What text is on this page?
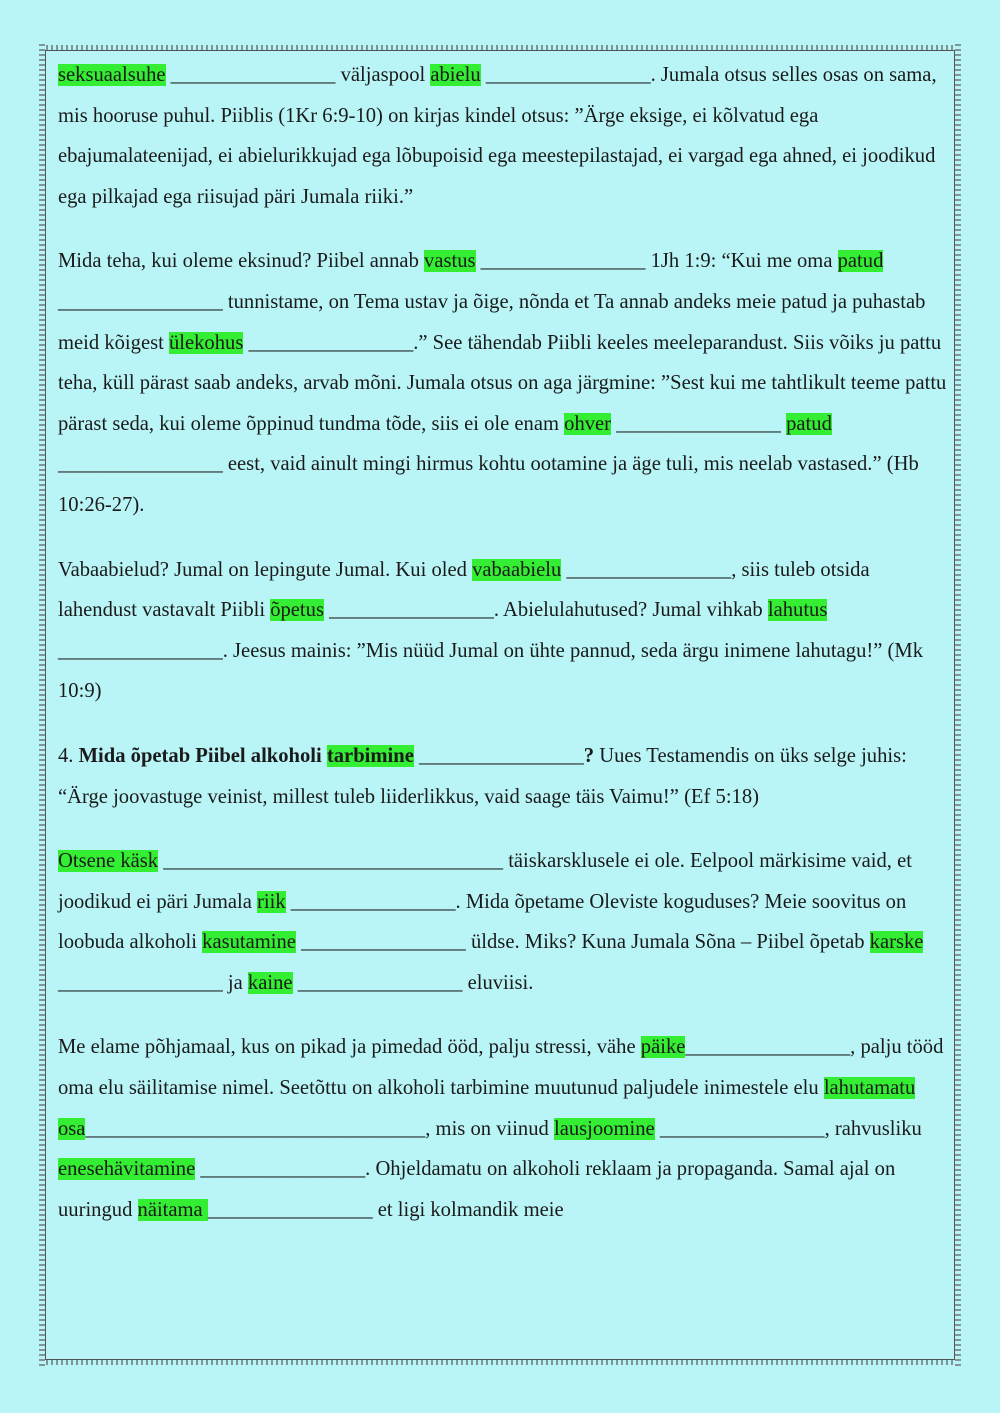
seksuaalsuhe ________________ väljaspool abielu ________________. Jumala otsus selles osas on sama, mis hooruse puhul. Piiblis (1Kr 6:9-10) on kirjas kindel otsus: ”Ärge eksige, ei kõlvatud ega ebajumalateenijad, ei abielurikkujad ega lõbupoisid ega meestepilastajad, ei vargad ega ahned, ei joodikud ega pilkajad ega riisujad päri Jumala riiki.”

Mida teha, kui oleme eksinud? Piibel annab vastus ________________ 1Jh 1:9: “Kui me oma patud ________________ tunnistame, on Tema ustav ja õige, nõnda et Ta annab andeks meie patud ja puhastab meid kõigest ülekohus ________________.” See tähendab Piibli keeles meeleparandust. Siis võiks ju pattu teha, küll pärast saab andeks, arvab mõni. Jumala otsus on aga järgmine: ”Sest kui me tahtlikult teeme pattu pärast seda, kui oleme õppinud tundma tõde, siis ei ole enam ohver ________________ patud ________________ eest, vaid ainult mingi hirmus kohtu ootamine ja äge tuli, mis neelab vastased.” (Hb 10:26-27).

Vabaabielud? Jumal on lepingute Jumal. Kui oled vabaabielu ________________, siis tuleb otsida lahendust vastavalt Piibli õpetus ________________. Abielulahutused? Jumal vihkab lahutus ________________. Jeesus mainis: ”Mis nüüd Jumal on ühte pannud, seda ärgu inimene lahutagu!” (Mk 10:9)

4. Mida õpetab Piibel alkoholi tarbimine ________________? Uues Testamendis on üks selge juhis: “Ärge joovastuge veinist, millest tuleb liiderlikkus, vaid saage täis Vaimu!” (Ef 5:18)

Otsene käsk _________________________________ täiskarsklusele ei ole. Eelpool märkisime vaid, et joodikud ei päri Jumala riik ________________. Mida õpetame Oleviste koguduses? Meie soovitus on loobuda alkoholi kasutamine ________________ üldse. Miks? Kuna Jumala Sõna – Piibel õpetab karske ________________ ja kaine ________________ eluviisi.

Me elame põhjamaal, kus on pikad ja pimedad ööd, palju stressi, vähe päike________________, palju tööd oma elu säilitamise nimel. Seetõttu on alkoholi tarbimine muutunud paljudele inimestele elu lahutamatu
osa_________________________________, mis on viinud lausjoomine ________________, rahvusliku enesehävitamine ________________. Ohjeldamatu on alkoholi reklaam ja propaganda. Samal ajal on uuringud näitama ________________ et ligi kolmandik meie
